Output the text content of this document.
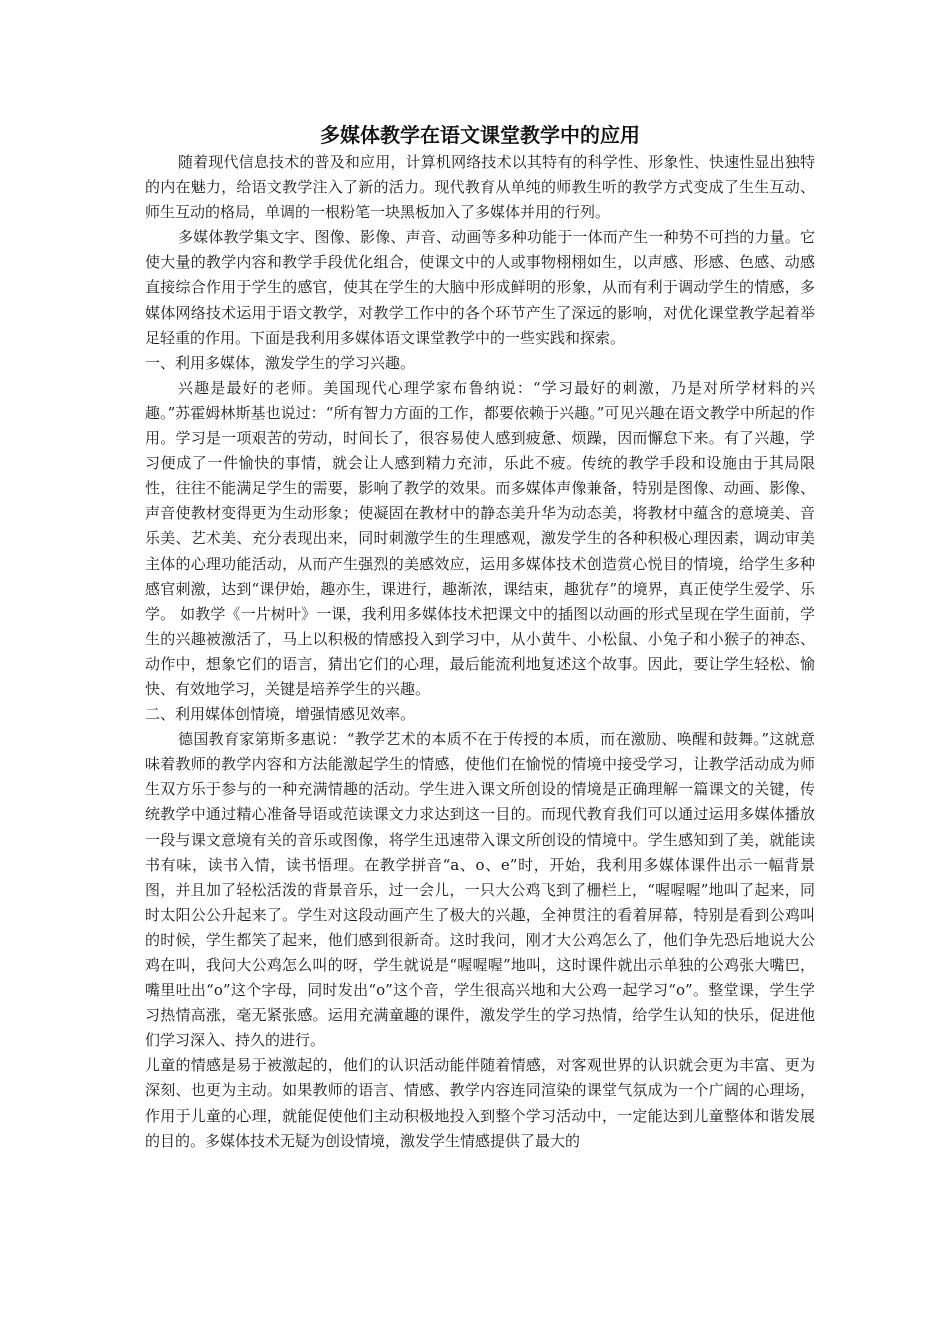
多媒体教学在语文课堂教学中的应用

随着现代信息技术的普及和应用，计算机网络技术以其特有的科学性、形象性、快速性显出独特的内在魅力，给语文教学注入了新的活力。现代教育从单纯的师教生听的教学方式变成了生生互动、师生互动的格局，单调的一根粉笔一块黑板加入了多媒体并用的行列。

多媒体教学集文字、图像、影像、声音、动画等多种功能于一体而产生一种势不可挡的力量。它使大量的教学内容和教学手段优化组合，使课文中的人或事物栩栩如生，以声感、形感、色感、动感直接综合作用于学生的感官，使其在学生的大脑中形成鲜明的形象，从而有利于调动学生的情感，多媒体网络技术运用于语文教学，对教学工作中的各个环节产生了深远的影响，对优化课堂教学起着举足轻重的作用。下面是我利用多媒体语文课堂教学中的一些实践和探索。

一、利用多媒体，激发学生的学习兴趣。

兴趣是最好的老师。美国现代心理学家布鲁纳说：“学习最好的刺激，乃是对所学材料的兴趣。”苏霍姆林斯基也说过：“所有智力方面的工作，都要依赖于兴趣。”可见兴趣在语文教学中所起的作用。学习是一项艰苦的劳动，时间长了，很容易使人感到疲惫、烦躁，因而懈怠下来。有了兴趣，学习便成了一件愉快的事情，就会让人感到精力充沛，乐此不疲。传统的教学手段和设施由于其局限性，往往不能满足学生的需要，影响了教学的效果。而多媒体声像兼备，特别是图像、动画、影像、声音使教材变得更为生动形象；使凝固在教材中的静态美升华为动态美，将教材中蕴含的意境美、音乐美、艺术美、充分表现出来，同时刺激学生的生理感观，激发学生的各种积极心理因素，调动审美主体的心理功能活动，从而产生强烈的美感效应，运用多媒体技术创造赏心悦目的情境，给学生多种感官刺激，达到“课伊始，趣亦生，课进行，趣渐浓，课结束，趣犹存”的境界，真正使学生爱学、乐学。 如教学《一片树叶》一课，我利用多媒体技术把课文中的插图以动画的形式呈现在学生面前，学生的兴趣被激活了，马上以积极的情感投入到学习中，从小黄牛、小松鼠、小兔子和小猴子的神态、动作中，想象它们的语言，猜出它们的心理，最后能流利地复述这个故事。因此，要让学生轻松、愉快、有效地学习，关键是培养学生的兴趣。

二、利用媒体创情境，增强情感见效率。

德国教育家第斯多惠说：“教学艺术的本质不在于传授的本质，而在激励、唤醒和鼓舞。”这就意味着教师的教学内容和方法能激起学生的情感，使他们在愉悦的情境中接受学习，让教学活动成为师生双方乐于参与的一种充满情趣的活动。学生进入课文所创设的情境是正确理解一篇课文的关键，传统教学中通过精心准备导语或范读课文力求达到这一目的。而现代教育我们可以通过运用多媒体播放一段与课文意境有关的音乐或图像，将学生迅速带入课文所创设的情境中。学生感知到了美，就能读书有味，读书入情，读书悟理。在教学拼音“a、o、e”时，开始，我利用多媒体课件出示一幅背景图，并且加了轻松活泼的背景音乐，过一会儿，一只大公鸡飞到了栅栏上，“喔喔喔”地叫了起来，同时太阳公公升起来了。学生对这段动画产生了极大的兴趣，全神贯注的看着屏幕，特别是看到公鸡叫的时候，学生都笑了起来，他们感到很新奇。这时我问，刚才大公鸡怎么了，他们争先恐后地说大公鸡在叫，我问大公鸡怎么叫的呀，学生就说是“喔喔喔”地叫，这时课件就出示单独的公鸡张大嘴巴，嘴里吐出“o”这个字母，同时发出“o”这个音，学生很高兴地和大公鸡一起学习“o”。整堂课，学生学习热情高涨，毫无紧张感。运用充满童趣的课件，激发学生的学习热情，给学生认知的快乐，促进他们学习深入、持久的进行。

儿童的情感是易于被激起的，他们的认识活动能伴随着情感，对客观世界的认识就会更为丰富、更为深刻、也更为主动。如果教师的语言、情感、教学内容连同渲染的课堂气氛成为一个广阔的心理场，作用于儿童的心理，就能促使他们主动积极地投入到整个学习活动中，一定能达到儿童整体和谐发展的目的。多媒体技术无疑为创设情境，激发学生情感提供了最大的
